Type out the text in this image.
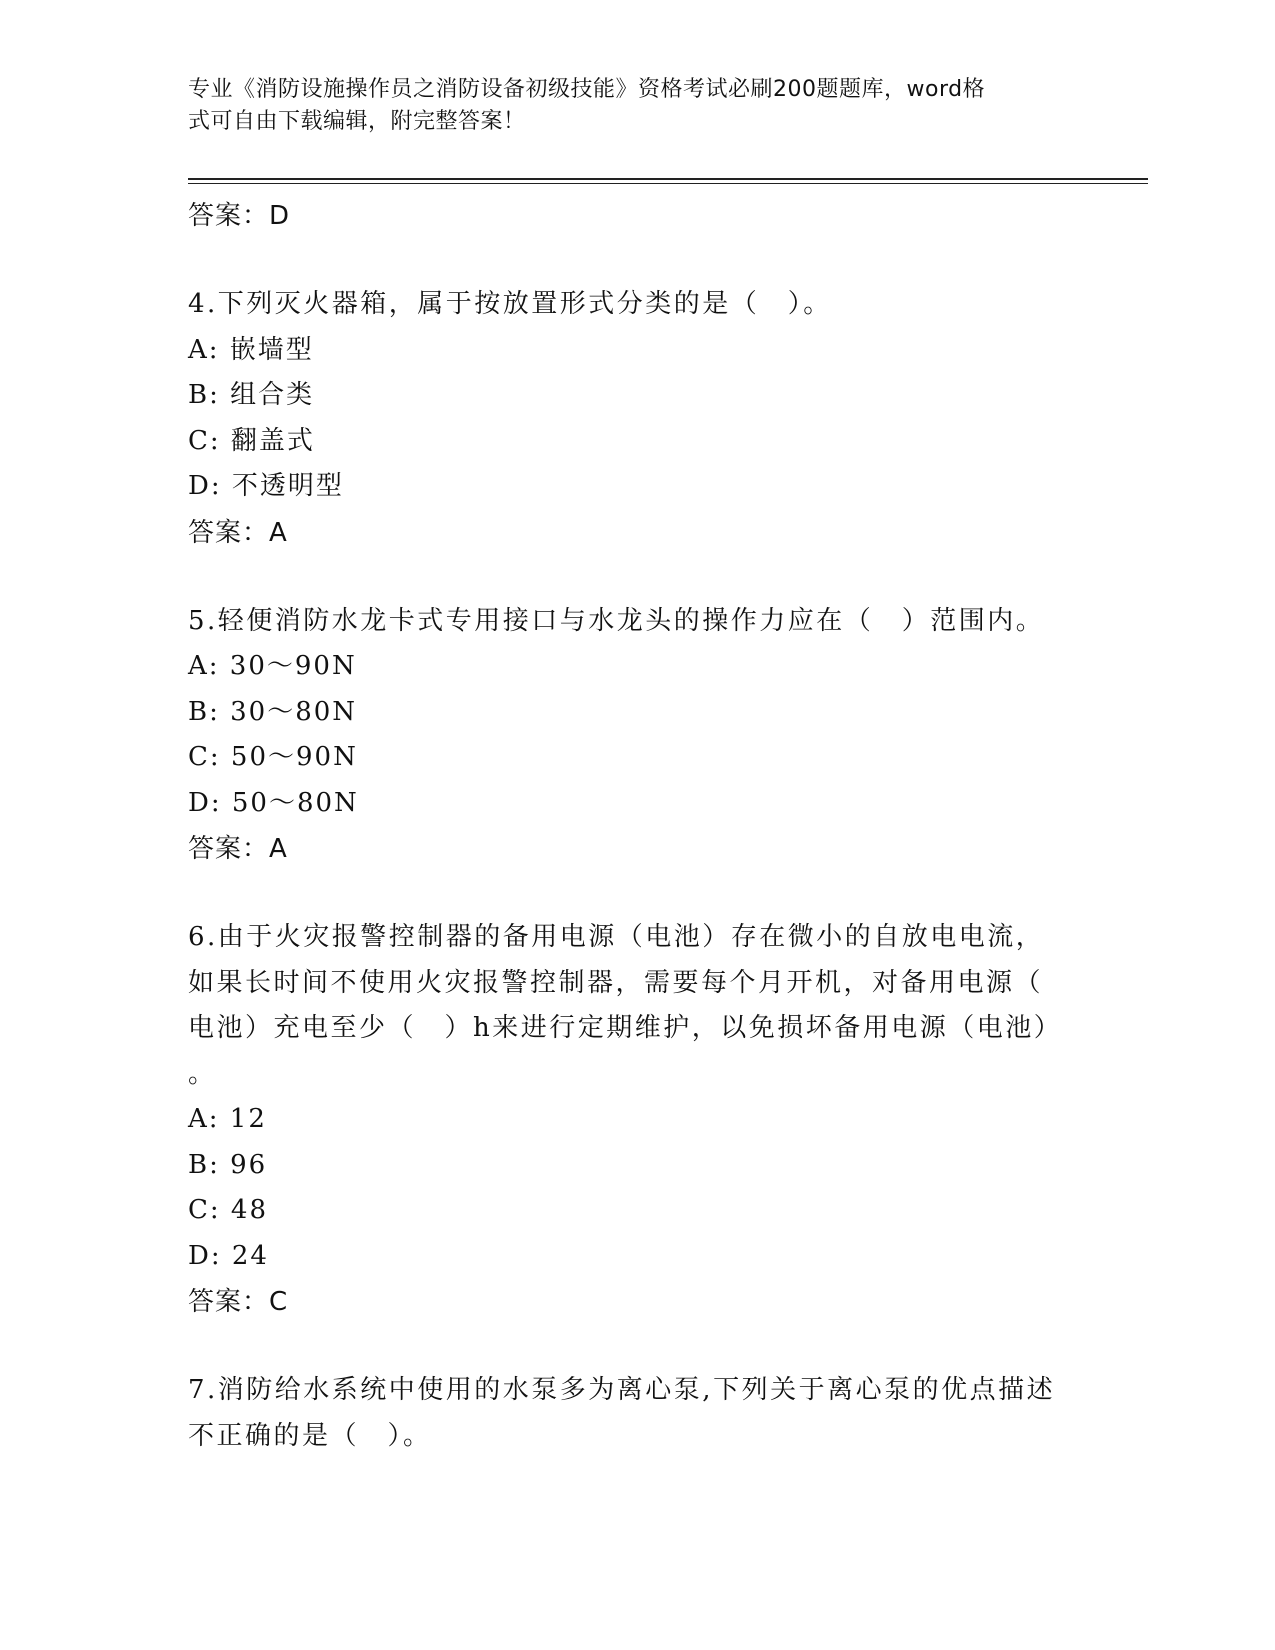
专业《消防设施操作员之消防设备初级技能》资格考试必刷200题题库，word格
式可自由下载编辑，附完整答案！
答案：D
4.下列灭火器箱，属于按放置形式分类的是（　）。
A: 嵌墙型
B: 组合类
C: 翻盖式
D: 不透明型
答案：A
5.轻便消防水龙卡式专用接口与水龙头的操作力应在（　）范围内。
A: 30～90N
B: 30～80N
C: 50～90N
D: 50～80N
答案：A
6.由于火灾报警控制器的备用电源（电池）存在微小的自放电电流，
如果长时间不使用火灾报警控制器，需要每个月开机，对备用电源（
电池）充电至少（　）h来进行定期维护，以免损坏备用电源（电池）
。
A: 12
B: 96
C: 48
D: 24
答案：C
7.消防给水系统中使用的水泵多为离心泵,下列关于离心泵的优点描述
不正确的是（　）。
